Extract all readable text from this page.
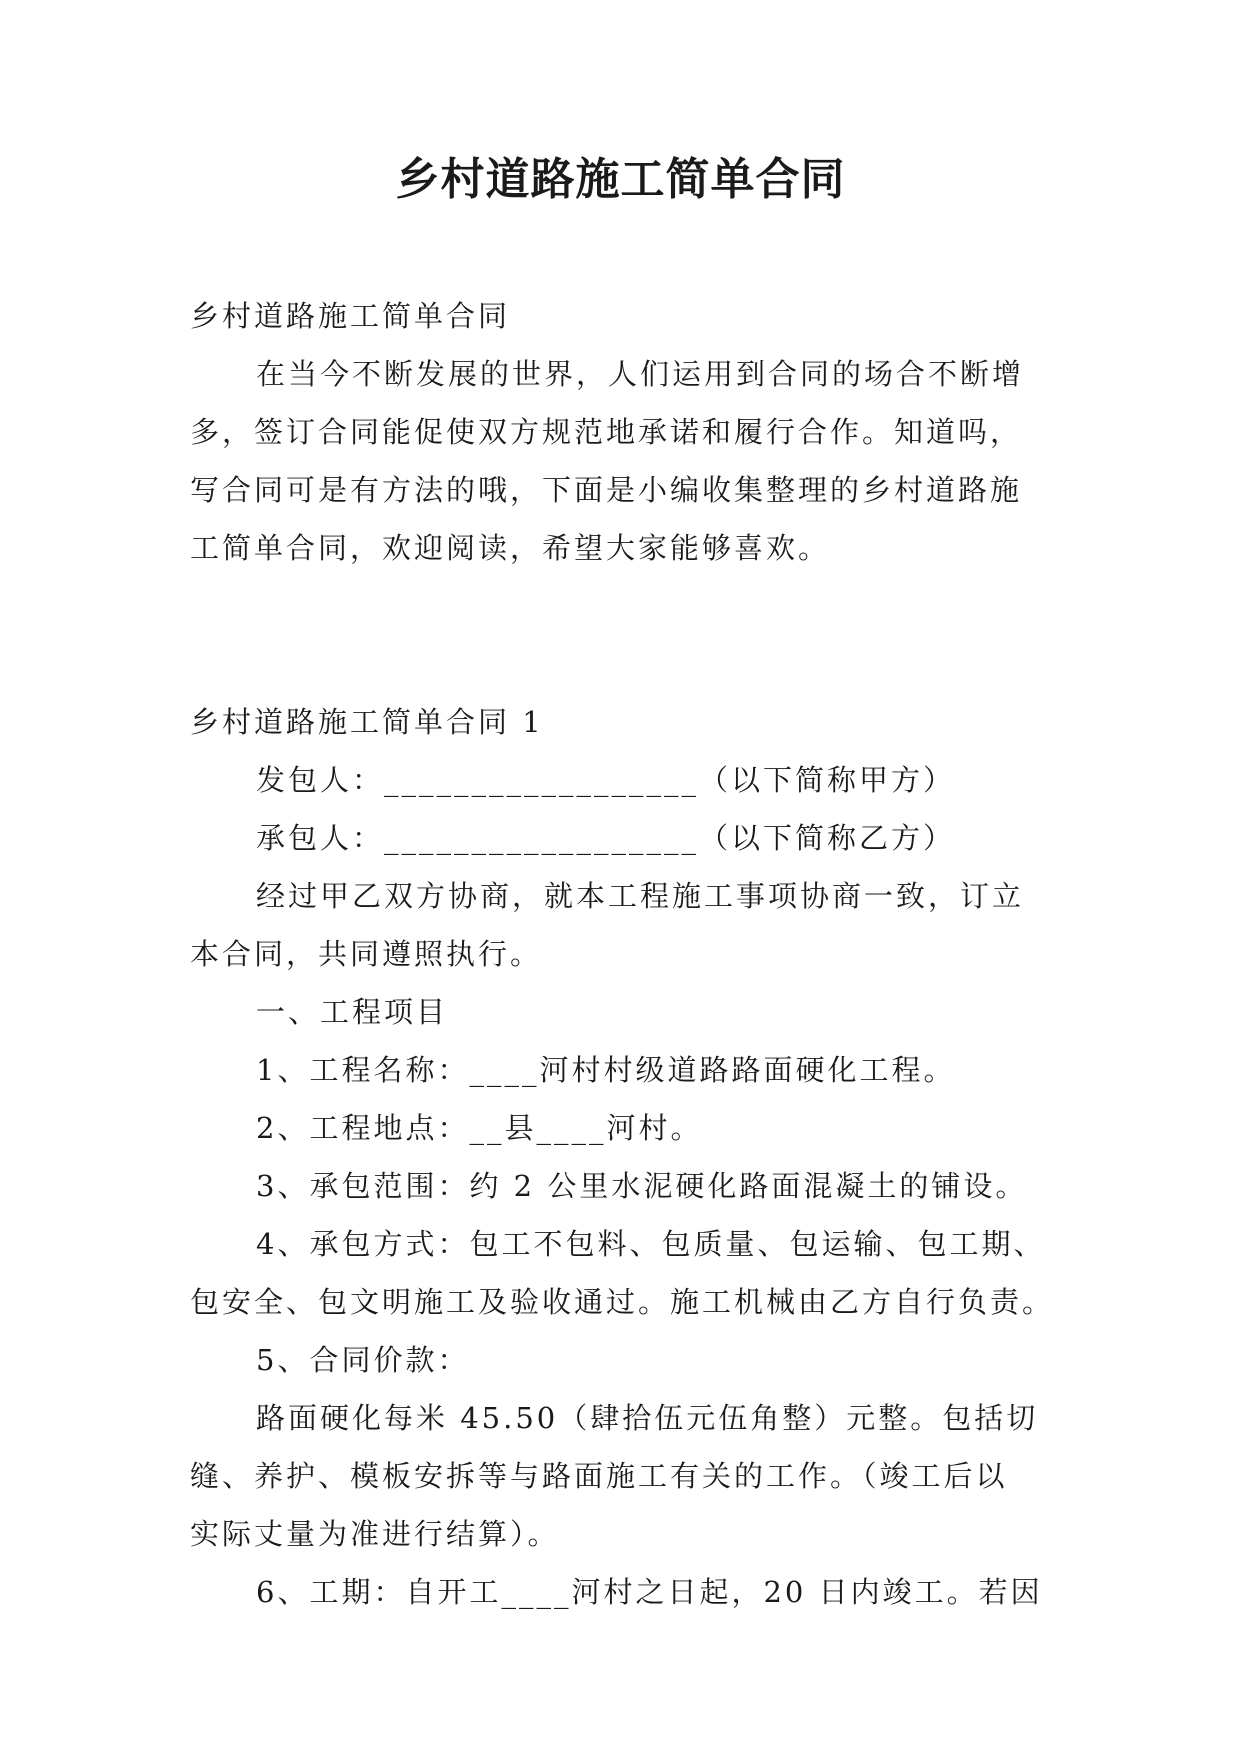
乡村道路施工简单合同

乡村道路施工简单合同

在当今不断发展的世界，人们运用到合同的场合不断增

多，签订合同能促使双方规范地承诺和履行合作。知道吗，

写合同可是有方法的哦，下面是小编收集整理的乡村道路施

工简单合同，欢迎阅读，希望大家能够喜欢。

乡村道路施工简单合同 1

发包人：__________________（以下简称甲方）

承包人：__________________（以下简称乙方）

经过甲乙双方协商，就本工程施工事项协商一致，订立

本合同，共同遵照执行。

一、工程项目

1、工程名称：____河村村级道路路面硬化工程。

2、工程地点：__县____河村。

3、承包范围：约 2 公里水泥硬化路面混凝土的铺设。

4、承包方式：包工不包料、包质量、包运输、包工期、

包安全、包文明施工及验收通过。施工机械由乙方自行负责。

5、合同价款：

路面硬化每米 45.50（肆拾伍元伍角整）元整。包括切

缝、养护、模板安拆等与路面施工有关的工作。（竣工后以

实际丈量为准进行结算）。

6、工期：自开工____河村之日起，20 日内竣工。若因
